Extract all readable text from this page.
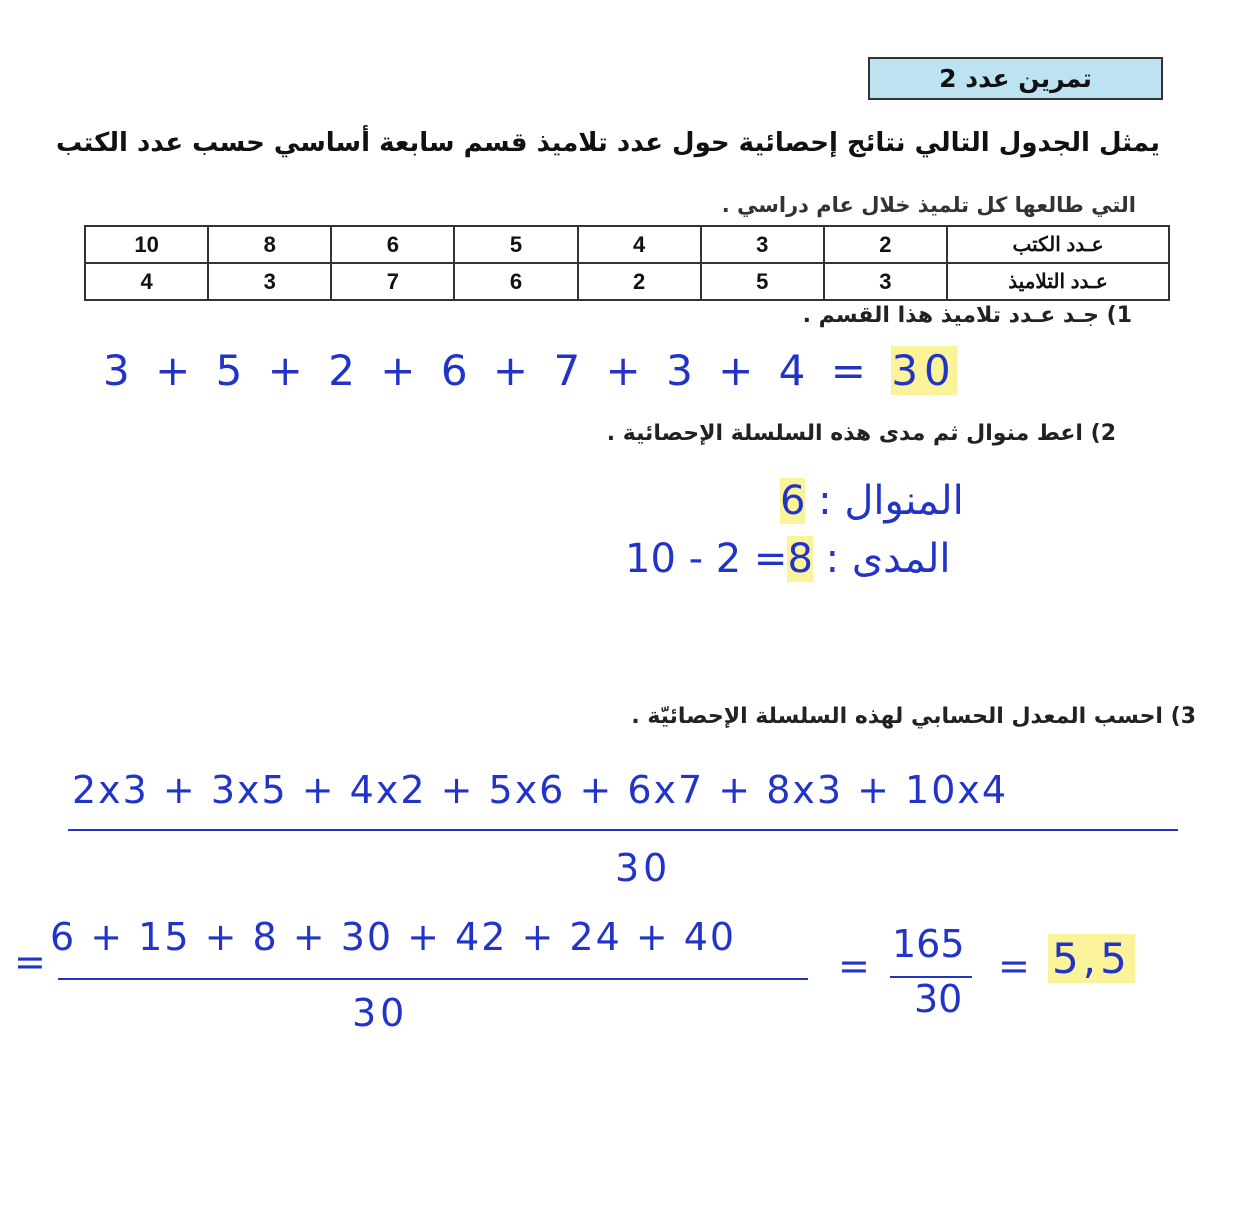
تمرين عدد 2
يمثل الجدول التالي نتائج إحصائية حول عدد تلاميذ قسم سابعة أساسي حسب عدد الكتب
التي طالعها كل تلميذ خلال عام دراسي .
10	8	6	5	4	3	2	عـدد الكتب
4	3	7	6	2	5	3	عـدد التلاميذ
1) جـد عـدد تلاميذ هذا القسم .
3 + 5 + 2 + 6 + 7 + 3 + 4 = 30
2) اعط منوال ثم مدى هذه السلسلة الإحصائية .
6 المنوال :
10 - 2 =8 المدى :
3) احسب المعدل الحسابي لهذه السلسلة الإحصائيّة .
2x3 + 3x5 + 4x2 + 5x6 + 6x7 + 8x3 + 10x4
30
=
6 + 15 + 8 + 30 + 42 + 24 + 40
30
= 165
30
= 5,5
